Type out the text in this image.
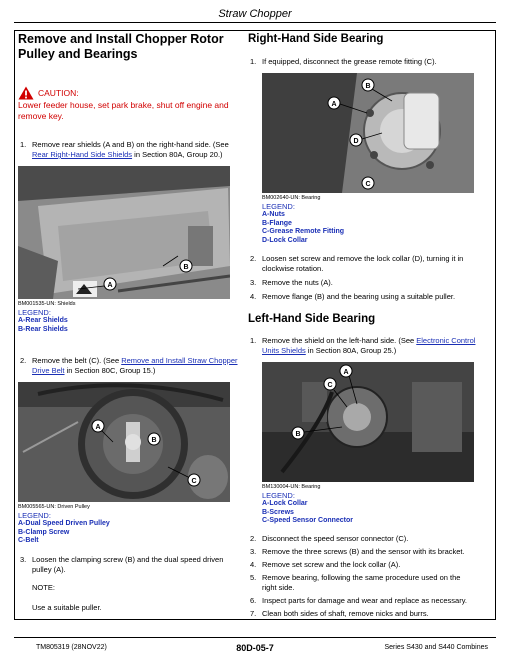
Straw Chopper
Remove and Install Chopper Rotor Pulley and Bearings
CAUTION:
Lower feeder house, set park brake, shut off engine and remove key.
1. Remove rear shields (A and B) on the right-hand side. (See Rear Right-Hand Side Shields in Section 80A, Group 20.)
A
B
BM001535-UN: Shields
LEGEND:
A-Rear Shields
B-Rear Shields
2. Remove the belt (C). (See Remove and Install Straw Chopper Drive Belt in Section 80C, Group 15.)
A
B
C
BM005565-UN: Driven Pulley
LEGEND:
A-Dual Speed Driven Pulley
B-Clamp Screw
C-Belt
3. Loosen the clamping screw (B) and the dual speed driven pulley (A).
NOTE:
Use a suitable puller.
Right-Hand Side Bearing
1. If equipped, disconnect the grease remote fitting (C).
A
B
C
D
BM002640-UN: Bearing
LEGEND:
A-Nuts
B-Flange
C-Grease Remote Fitting
D-Lock Collar
2. Loosen set screw and remove the lock collar (D), turning it in clockwise rotation.
3. Remove the nuts (A).
4. Remove flange (B) and the bearing using a suitable puller.
Left-Hand Side Bearing
1. Remove the shield on the left-hand side. (See Electronic Control Units Shields in Section 80A, Group 25.)
A
B
C
BM130004-UN: Bearing
LEGEND:
A-Lock Collar
B-Screws
C-Speed Sensor Connector
2. Disconnect the speed sensor connector (C).
3. Remove the three screws (B) and the sensor with its bracket.
4. Remove set screw and the lock collar (A).
5. Remove bearing, following the same procedure used on the right side.
6. Inspect parts for damage and wear and replace as necessary.
7. Clean both sides of shaft, remove nicks and burrs.
TM805319 (28NOV22)	80D-05-7	Series S430 and S440 Combines
